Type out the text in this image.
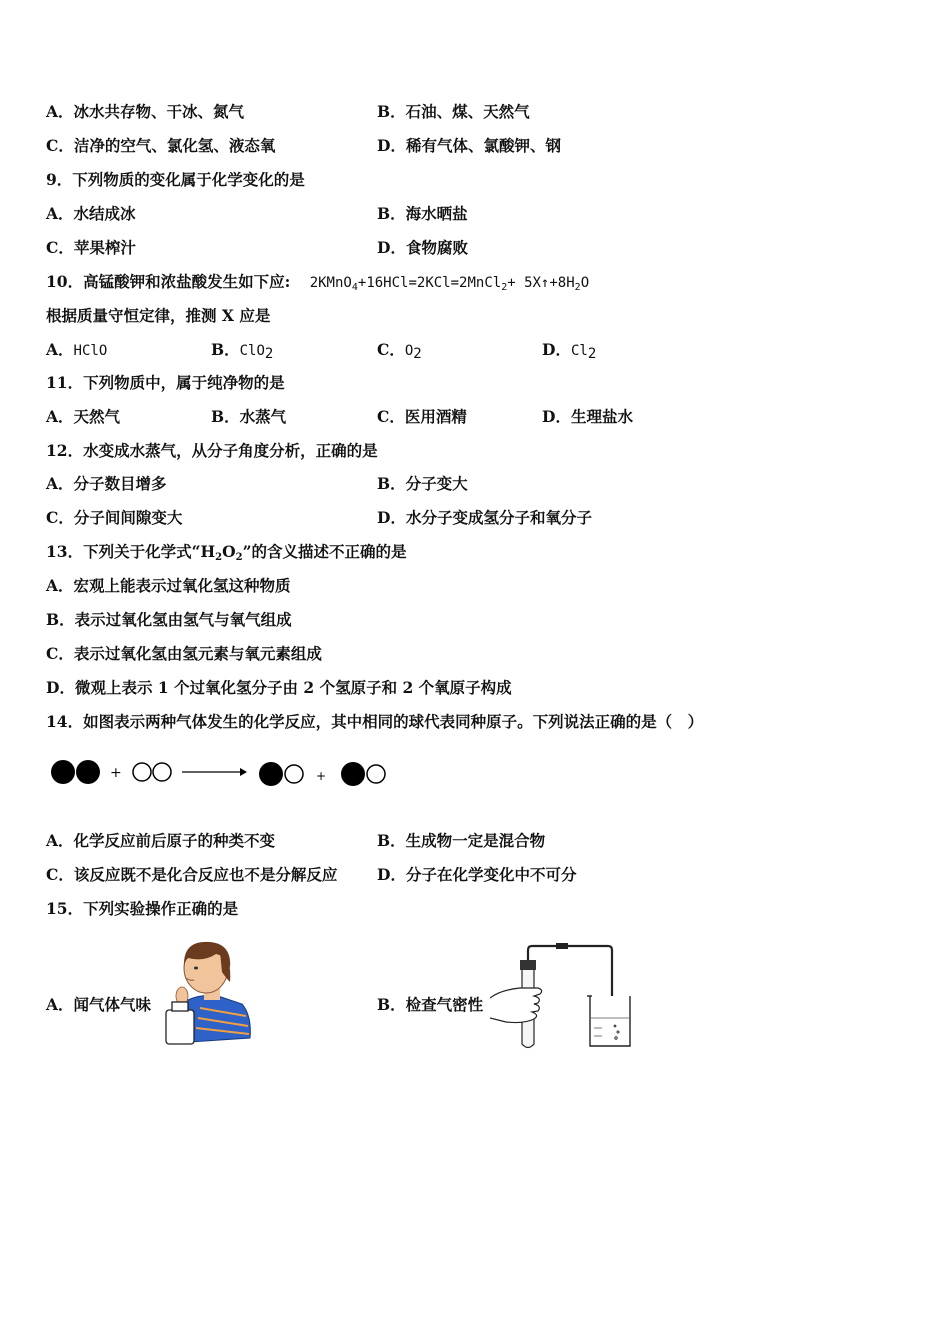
A．冰水共存物、干冰、氮气	B．石油、煤、天然气
C．洁净的空气、氯化氢、液态氧	D．稀有气体、氯酸钾、钢
9．下列物质的变化属于化学变化的是
A．水结成冰	B．海水晒盐
C．苹果榨汁	D．食物腐败
10．高锰酸钾和浓盐酸发生如下应: 2KMnO$_4$+16HCl=2KCl=2MnCl$_2$+ $5X↑+8H_2O$
根据质量守恒定律，推测 X 应是
A．HClO	B．ClO$_2$	C．$O_2$	D．$Cl_2$
11．下列物质中，属于纯净物的是
A．天然气	B．水蒸气	C．医用酒精	D．生理盐水
12．水变成水蒸气，从分子角度分析，正确的是
A．分子数目增多	B．分子变大
C．分子间间隙变大	D．水分子变成氢分子和氧分子
13．下列关于化学式“$H_2O_2$”的含义描述不正确的是
A．宏观上能表示过氧化氢这种物质
B．表示过氧化氢由氢气与氧气组成
C．表示过氧化氢由氢元素与氧元素组成
D．微观上表示 1 个过氧化氢分子由 2 个氢原子和 2 个氧原子构成
14．如图表示两种气体发生的化学反应，其中相同的球代表同种原子。下列说法正确的是（　）
+	+
A．化学反应前后原子的种类不变	B．生成物一定是混合物
C．该反应既不是化合反应也不是分解反应	D．分子在化学变化中不可分
15．下列实验操作正确的是
A．闻气体气味	B．检查气密性
